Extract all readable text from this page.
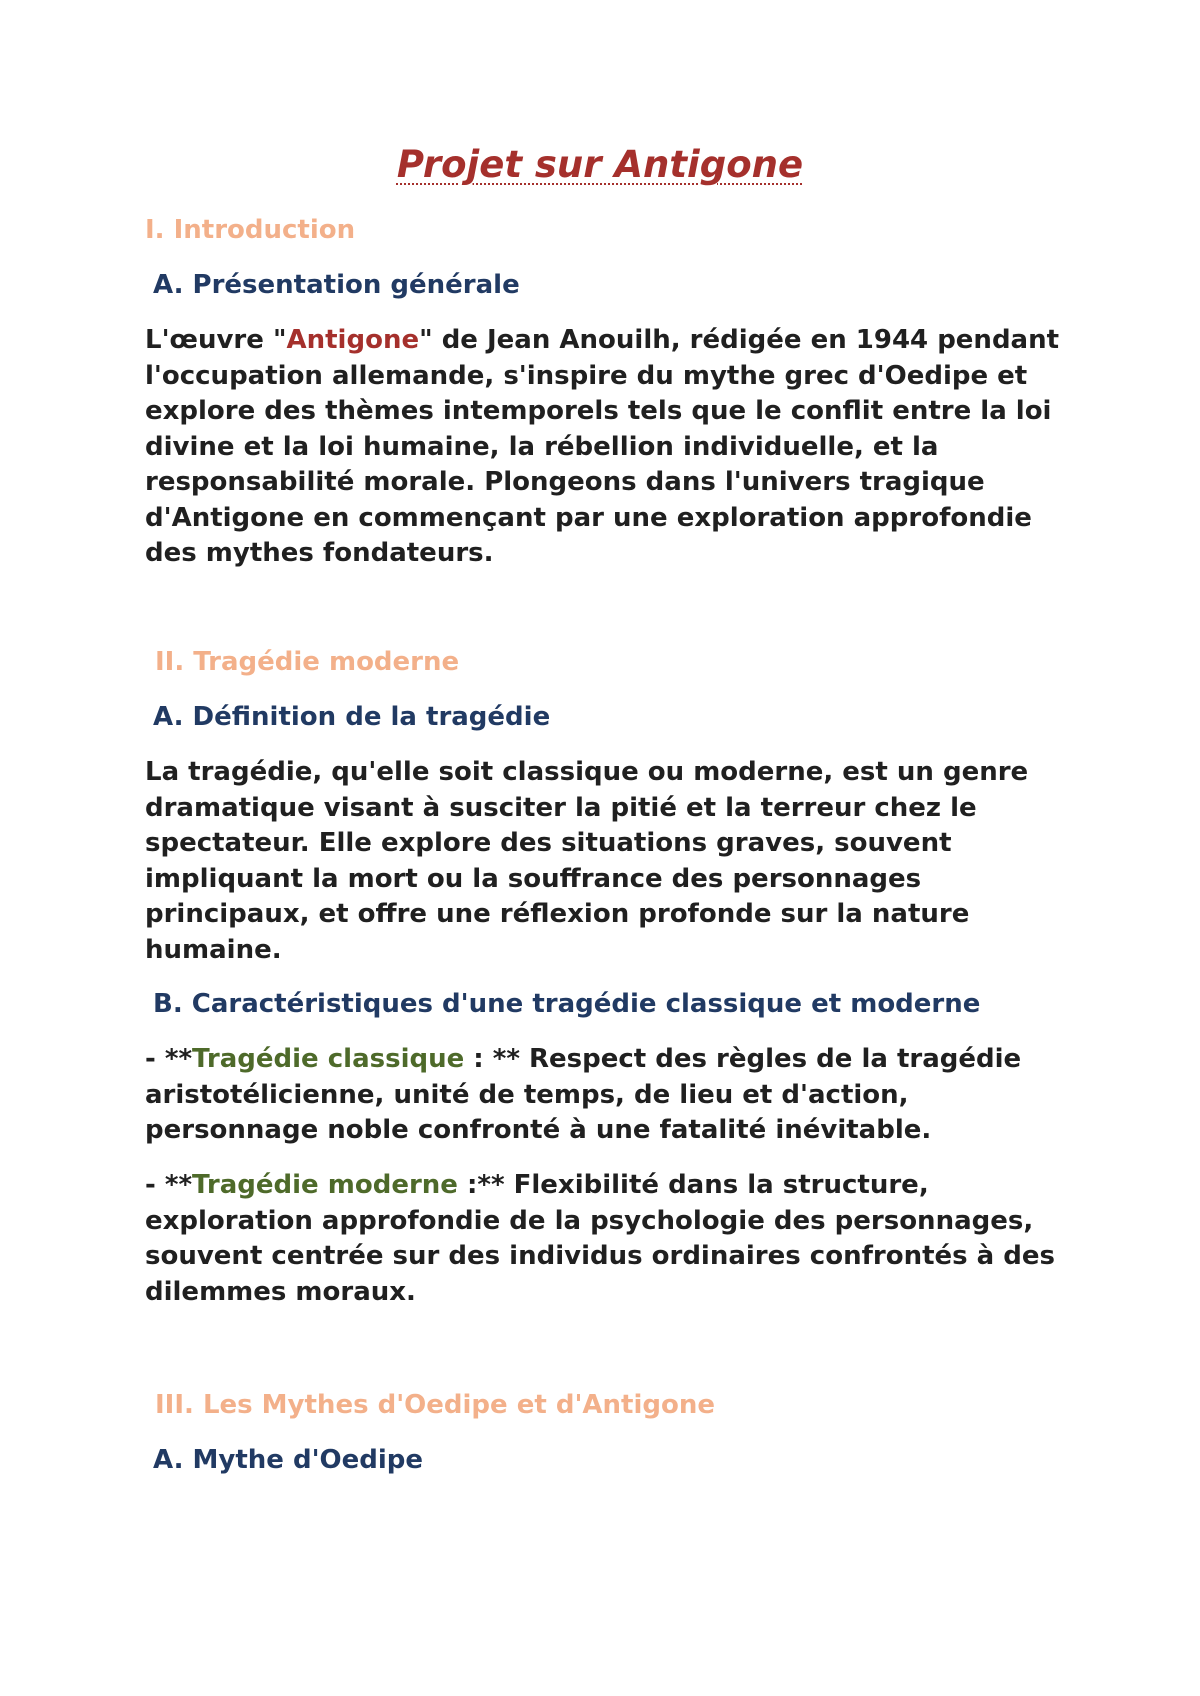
Projet sur Antigone
I. Introduction
A. Présentation générale
L'œuvre "Antigone" de Jean Anouilh, rédigée en 1944 pendant l'occupation allemande, s'inspire du mythe grec d'Oedipe et explore des thèmes intemporels tels que le conflit entre la loi divine et la loi humaine, la rébellion individuelle, et la responsabilité morale. Plongeons dans l'univers tragique d'Antigone en commençant par une exploration approfondie des mythes fondateurs.
II. Tragédie moderne
A. Définition de la tragédie
La tragédie, qu'elle soit classique ou moderne, est un genre dramatique visant à susciter la pitié et la terreur chez le spectateur. Elle explore des situations graves, souvent impliquant la mort ou la souffrance des personnages principaux, et offre une réflexion profonde sur la nature humaine.
B. Caractéristiques d'une tragédie classique et moderne
- **Tragédie classique : ** Respect des règles de la tragédie aristotélicienne, unité de temps, de lieu et d'action, personnage noble confronté à une fatalité inévitable.
- **Tragédie moderne :** Flexibilité dans la structure, exploration approfondie de la psychologie des personnages, souvent centrée sur des individus ordinaires confrontés à des dilemmes moraux.
III. Les Mythes d'Oedipe et d'Antigone
A. Mythe d'Oedipe
